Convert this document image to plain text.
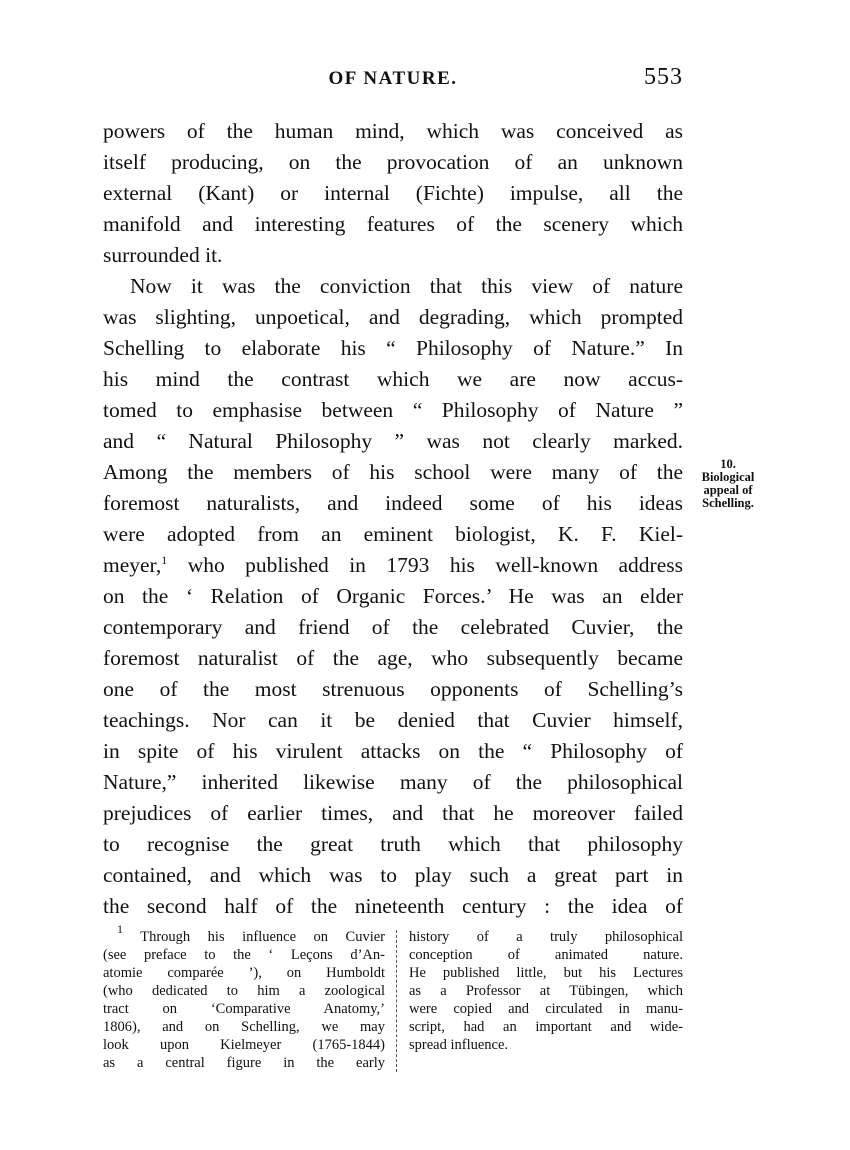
OF NATURE.	553
powers of the human mind, which was conceived as
itself producing, on the provocation of an unknown
external (Kant) or internal (Fichte) impulse, all the
manifold and interesting features of the scenery which
surrounded it.
Now it was the conviction that this view of nature
was slighting, unpoetical, and degrading, which prompted
Schelling to elaborate his “ Philosophy of Nature.” In
his mind the contrast which we are now accus-
tomed to emphasise between “ Philosophy of Nature ”
and “ Natural Philosophy ” was not clearly marked.
Among the members of his school were many of the
foremost naturalists, and indeed some of his ideas
were adopted from an eminent biologist, K. F. Kiel-
meyer,$^1$ who published in 1793 his well-known address
on the ‘ Relation of Organic Forces.’ He was an elder
contemporary and friend of the celebrated Cuvier, the
foremost naturalist of the age, who subsequently became
one of the most strenuous opponents of Schelling’s
teachings. Nor can it be denied that Cuvier himself,
in spite of his virulent attacks on the “ Philosophy of
Nature,” inherited likewise many of the philosophical
prejudices of earlier times, and that he moreover failed
to recognise the great truth which that philosophy
contained, and which was to play such a great part in
the second half of the nineteenth century : the idea of
10.
Biological
appeal of
Schelling.
$^1$ Through his influence on Cuvier
(see preface to the ‘ Leçons d’An-
atomie comparée ’), on Humboldt
(who dedicated to him a zoological
tract on ‘Comparative Anatomy,’
1806), and on Schelling, we may
look upon Kielmeyer (1765-1844)
as a central figure in the early
history of a truly philosophical
conception of animated nature.
He published little, but his Lectures
as a Professor at Tübingen, which
were copied and circulated in manu-
script, had an important and wide-
spread influence.
